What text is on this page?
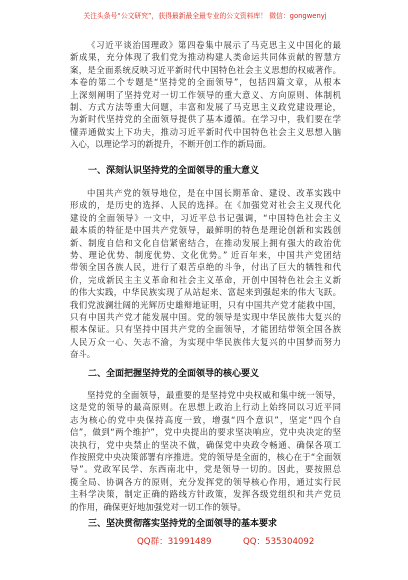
关注头条号“公文研究”，获得最新最全最专业的公文资料库！ 微信：gongwenyj
《习近平谈治国理政》第四卷集中展示了马克思主义中国化的最
新成果，充分体现了我们党为推动构建人类命运共同体贡献的智慧方
案，是全面系统反映习近平新时代中国特色社会主义思想的权威著作。
本卷的第二个专题是“坚持党的全面领导”，包括四篇文章，从根本
上深刻阐明了坚持党对一切工作领导的重大意义、方向原则、体制机
制、方式方法等重大问题，丰富和发展了马克思主义政党建设理论，
为新时代坚持党的全面领导提供了基本遵循。在学习中，我们要在学
懂弄通做实上下功夫，推动习近平新时代中国特色社会主义思想入脑
入心，以理论学习的新提升，不断开创工作的新局面。
一、深刻认识坚持党的全面领导的重大意义
中国共产党的领导地位，是在中国长期革命、建设、改革实践中
形成的，是历史的选择、人民的选择。在《加强党对社会主义现代化
建设的全面领导》一文中，习近平总书记强调，“中国特色社会主义
最本质的特征是中国共产党领导，最鲜明的特色是理论创新和实践创
新、制度自信和文化自信紧密结合，在推动发展上拥有强大的政治优
势、理论优势、制度优势、文化优势。” 近百年来，中国共产党团结
带领全国各族人民，进行了艰苦卓绝的斗争，付出了巨大的牺牲和代
价，完成新民主主义革命和社会主义革命，开创中国特色社会主义新
的伟大实践，中华民族实现了从站起来、富起来到强起来的伟大飞跃。
我们党波澜壮阔的光辉历史雄辩地证明，只有中国共产党才能救中国，
只有中国共产党才能发展中国。党的领导是实现中华民族伟大复兴的
根本保证。只有坚持中国共产党的全面领导，才能团结带领全国各族
人民万众一心、矢志不渝，为实现中华民族伟大复兴的中国梦而努力
奋斗。
二、全面把握坚持党的全面领导的核心要义
坚持党的全面领导，最重要的是坚持党中央权威和集中统一领导，
这是党的领导的最高原则。在思想上政治上行动上始终同以习近平同
志为核心的党中央保持高度一致，增强“四个意识”，坚定“四个自
信”，做到“两个维护”，党中央提出的要求坚决响应，党中央决定的坚
决执行，党中央禁止的坚决不做，确保党中央政令畅通、确保各项工
作按照党中央决策部署有序推进。党的领导是全面的，核心在于“全面领
导”。党政军民学、东西南北中，党是领导一切的。因此，要按照总
揽全局、协调各方的原则，充分发挥党的领导核心作用，通过实行民
主科学决策，制定正确的路线方针政策，发挥各级党组织和共产党员
的作用，确保更好地加强党对一切工作的领导。
三、坚决贯彻落实坚持党的全面领导的基本要求
QQ群：31991489	QQ：535304092
